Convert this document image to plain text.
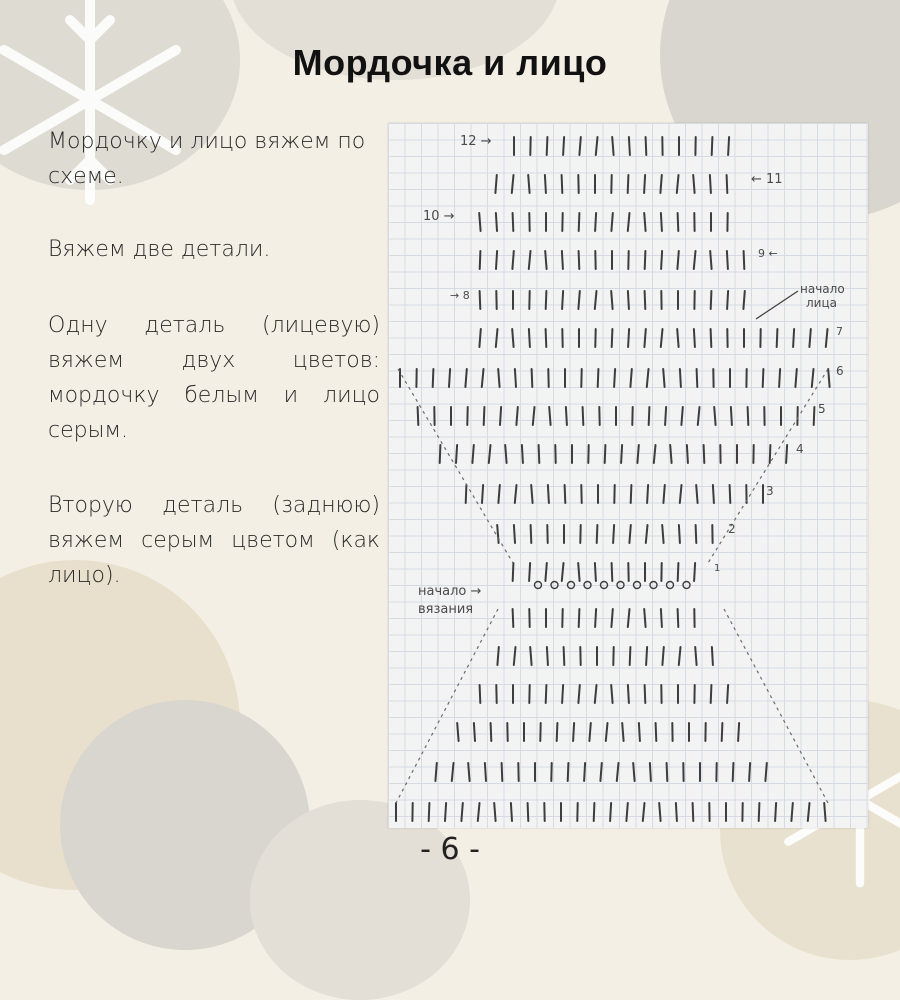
Мордочка и лицо

Мордочку и лицо вяжем по схеме.

Вяжем две детали.

Одну деталь (лицевую) вяжем двух цветов: мордочку белым и лицо серым.

Вторую деталь (заднюю) вяжем серым цветом (как лицо).

12 →
← 11
10 →
9 ←
→ 8
7
6
5
4
3
2
1
начало
лица
начало →
вязания
- 6 -
